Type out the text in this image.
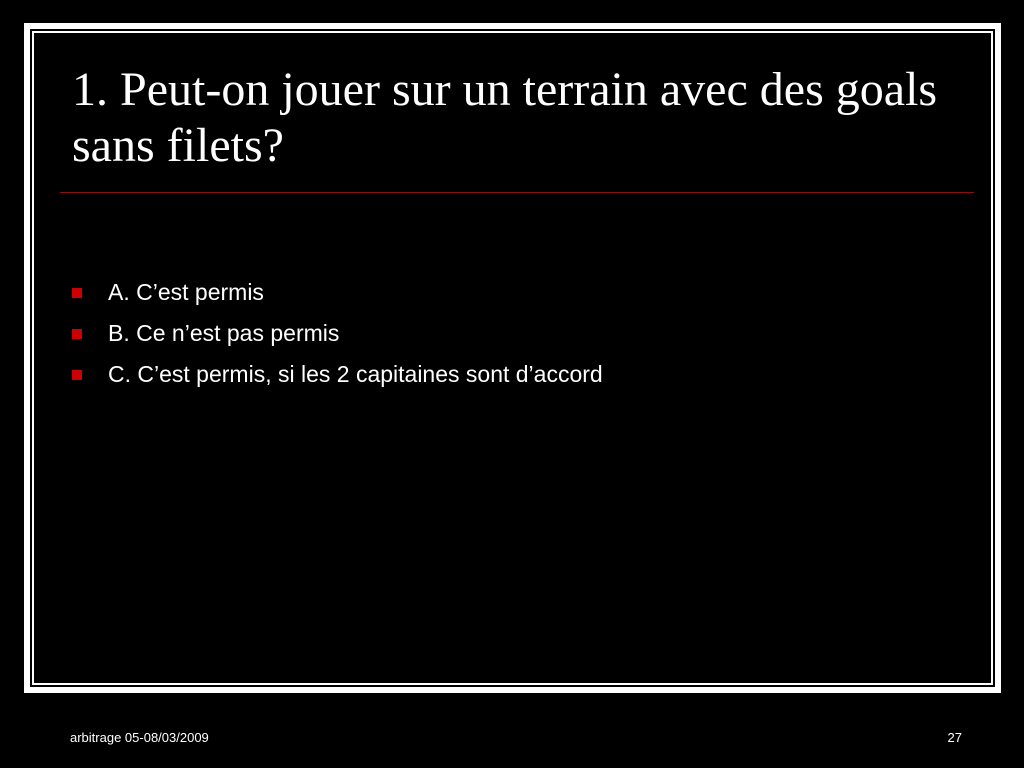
1. Peut-on jouer sur un terrain avec des goals sans filets?
A. C’est permis
B. Ce n’est pas permis
C. C’est permis, si les 2 capitaines sont d’accord
arbitrage 05-08/03/2009	27
